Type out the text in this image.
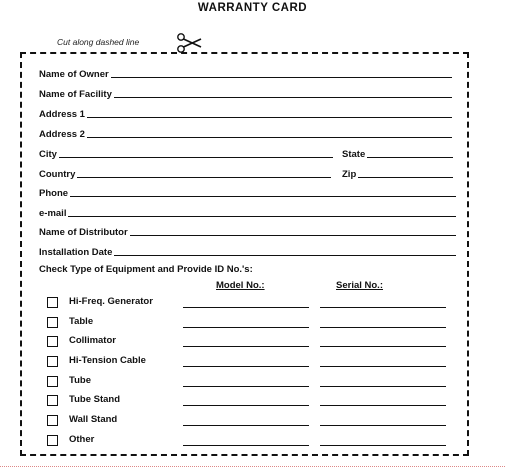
WARRANTY CARD
Cut along dashed line
Name of Owner
Name of Facility
Address 1
Address 2
City	State
Country	Zip
Phone
e-mail
Name of Distributor
Installation Date
Check Type of Equipment and Provide ID No.'s:
Model No.:	Serial No.:
Hi-Freq. Generator
Table
Collimator
Hi-Tension Cable
Tube
Tube Stand
Wall Stand
Other
